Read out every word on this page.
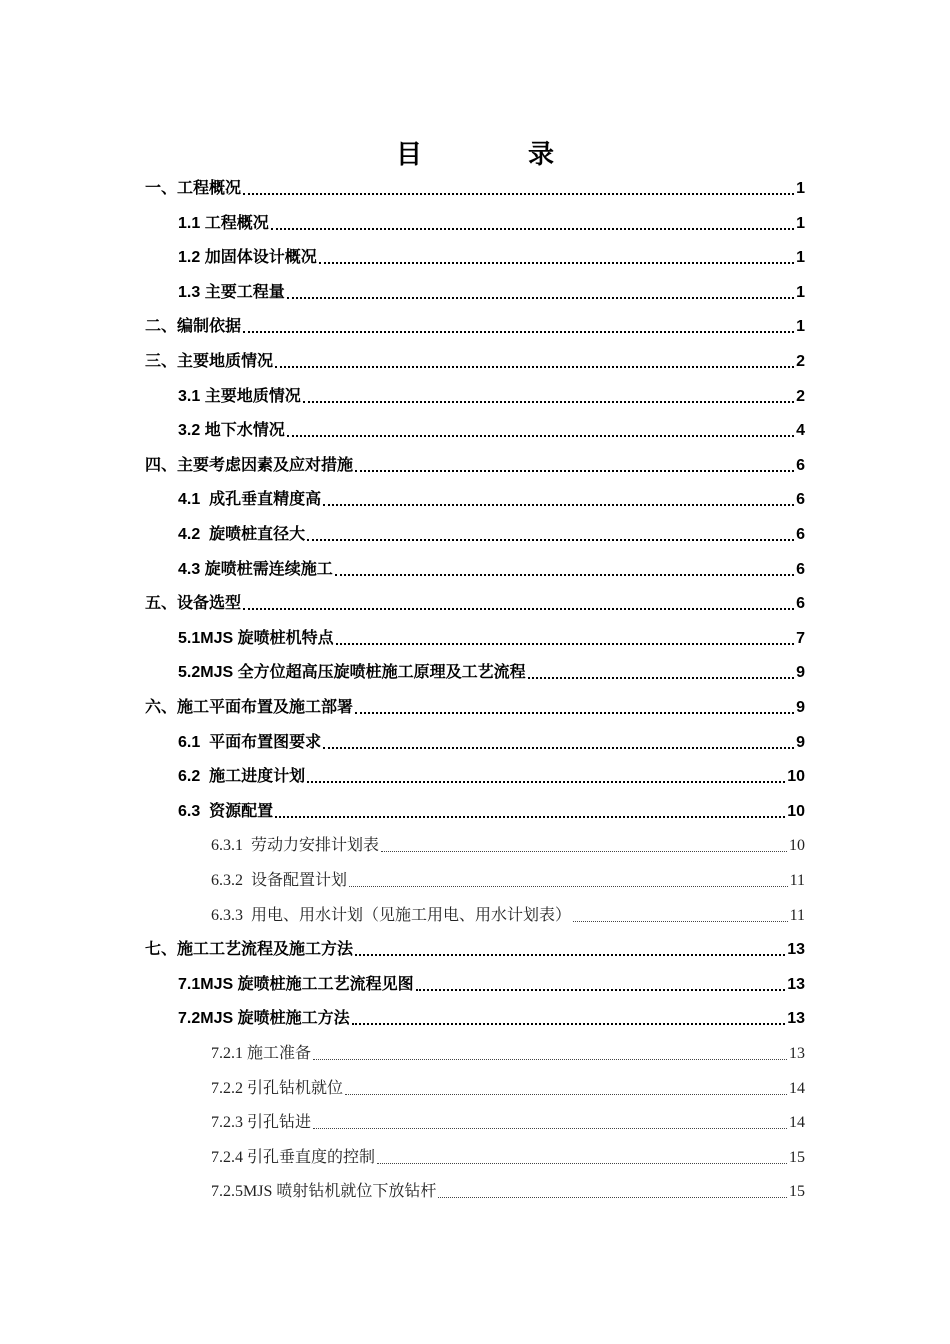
目　录
一、工程概况	1
1.1 工程概况	1
1.2 加固体设计概况	1
1.3 主要工程量	1
二、编制依据	1
三、主要地质情况	2
3.1 主要地质情况	2
3.2 地下水情况	4
四、主要考虑因素及应对措施	6
4.1  成孔垂直精度高	6
4.2  旋喷桩直径大	6
4.3 旋喷桩需连续施工	6
五、设备选型	6
5.1MJS 旋喷桩机特点	7
5.2MJS 全方位超高压旋喷桩施工原理及工艺流程	9
六、施工平面布置及施工部署	9
6.1  平面布置图要求	9
6.2  施工进度计划	10
6.3  资源配置	10
6.3.1  劳动力安排计划表	10
6.3.2  设备配置计划	11
6.3.3  用电、用水计划（见施工用电、用水计划表）	11
七、施工工艺流程及施工方法	13
7.1MJS 旋喷桩施工工艺流程见图	13
7.2MJS 旋喷桩施工方法	13
7.2.1 施工准备	13
7.2.2 引孔钻机就位	14
7.2.3 引孔钻进	14
7.2.4 引孔垂直度的控制	15
7.2.5MJS 喷射钻机就位下放钻杆	15
